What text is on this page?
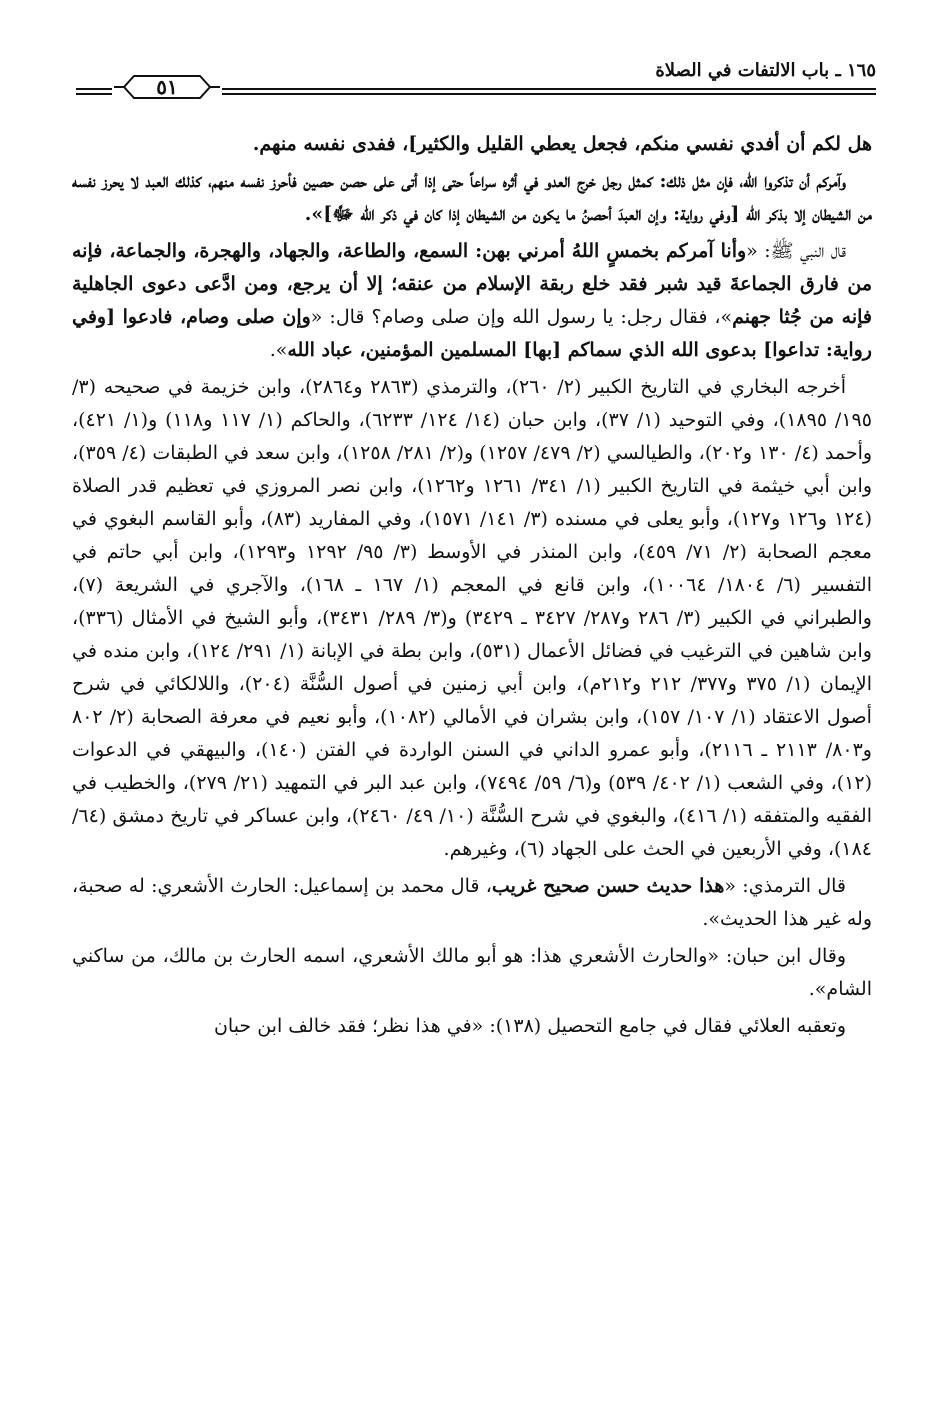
١٦٥ ـ باب الالتفات في الصلاة
٥١

هل لكم أن أفدي نفسي منكم، فجعل يعطي القليل والكثير]، ففدى نفسه منهم.

وآمركم أن تذكروا الله، فإن مثل ذلك: كمثل رجل خرج العدو في أثره سراعاً حتى إذا أتى على حصن حصين فأحرز نفسه منهم، كذلك العبد لا يحرز نفسه من الشيطان إلا بذكر الله [وفي رواية: وإن العبدَ أحصنُ ما يكون من الشيطان إذا كان في ذكر الله ﷻ]».

قال النبي ﷺ: «وأنا آمركم بخمسٍ اللهُ أمرني بهن: السمع، والطاعة، والجهاد، والهجرة، والجماعة، فإنه من فارق الجماعةَ قيد شبر فقد خلع ربقة الإسلام من عنقه؛ إلا أن يرجع، ومن ادَّعى دعوى الجاهلية فإنه من جُثا جهنم»، فقال رجل: يا رسول الله وإن صلى وصام؟ قال: «وإن صلى وصام، فادعوا [وفي رواية: تداعوا] بدعوى الله الذي سماكم [بها] المسلمين المؤمنين، عباد الله».

أخرجه البخاري في التاريخ الكبير (٢/ ٢٦٠)، والترمذي (٢٨٦٣ و٢٨٦٤)، وابن خزيمة في صحيحه (٣/ ١٩٥/ ١٨٩٥)، وفي التوحيد (١/ ٣٧)، وابن حبان (١٤/ ١٢٤/ ٦٢٣٣)، والحاكم (١/ ١١٧ و١١٨) و(١/ ٤٢١)، وأحمد (٤/ ١٣٠ و٢٠٢)، والطيالسي (٢/ ٤٧٩/ ١٢٥٧) و(٢/ ٢٨١/ ١٢٥٨)، وابن سعد في الطبقات (٤/ ٣٥٩)، وابن أبي خيثمة في التاريخ الكبير (١/ ٣٤١/ ١٢٦١ و١٢٦٢)، وابن نصر المروزي في تعظيم قدر الصلاة (١٢٤ و١٢٦ و١٢٧)، وأبو يعلى في مسنده (٣/ ١٤١/ ١٥٧١)، وفي المفاريد (٨٣)، وأبو القاسم البغوي في معجم الصحابة (٢/ ٧١/ ٤٥٩)، وابن المنذر في الأوسط (٣/ ٩٥/ ١٢٩٢ و١٢٩٣)، وابن أبي حاتم في التفسير (٦/ ١٨٠٤/ ١٠٠٦٤)، وابن قانع في المعجم (١/ ١٦٧ ـ ١٦٨)، والآجري في الشريعة (٧)، والطبراني في الكبير (٣/ ٢٨٦ و٢٨٧/ ٣٤٢٧ ـ ٣٤٢٩) و(٣/ ٢٨٩/ ٣٤٣١)، وأبو الشيخ في الأمثال (٣٣٦)، وابن شاهين في الترغيب في فضائل الأعمال (٥٣١)، وابن بطة في الإبانة (١/ ٢٩١/ ١٢٤)، وابن منده في الإيمان (١/ ٣٧٥ و٣٧٧/ ٢١٢ و٢١٢م)، وابن أبي زمنين في أصول السُّنَّة (٢٠٤)، واللالكائي في شرح أصول الاعتقاد (١/ ١٠٧/ ١٥٧)، وابن بشران في الأمالي (١٠٨٢)، وأبو نعيم في معرفة الصحابة (٢/ ٨٠٢ و٨٠٣/ ٢١١٣ ـ ٢١١٦)، وأبو عمرو الداني في السنن الواردة في الفتن (١٤٠)، والبيهقي في الدعوات (١٢)، وفي الشعب (١/ ٤٠٢/ ٥٣٩) و(٦/ ٥٩/ ٧٤٩٤)، وابن عبد البر في التمهيد (٢١/ ٢٧٩)، والخطيب في الفقيه والمتفقه (١/ ٤١٦)، والبغوي في شرح السُّنَّة (١٠/ ٤٩/ ٢٤٦٠)، وابن عساكر في تاريخ دمشق (٦٤/ ١٨٤)، وفي الأربعين في الحث على الجهاد (٦)، وغيرهم.

قال الترمذي: «هذا حديث حسن صحيح غريب، قال محمد بن إسماعيل: الحارث الأشعري: له صحبة، وله غير هذا الحديث».

وقال ابن حبان: «والحارث الأشعري هذا: هو أبو مالك الأشعري، اسمه الحارث بن مالك، من ساكني الشام».

وتعقبه العلائي فقال في جامع التحصيل (١٣٨): «في هذا نظر؛ فقد خالف ابن حبان
